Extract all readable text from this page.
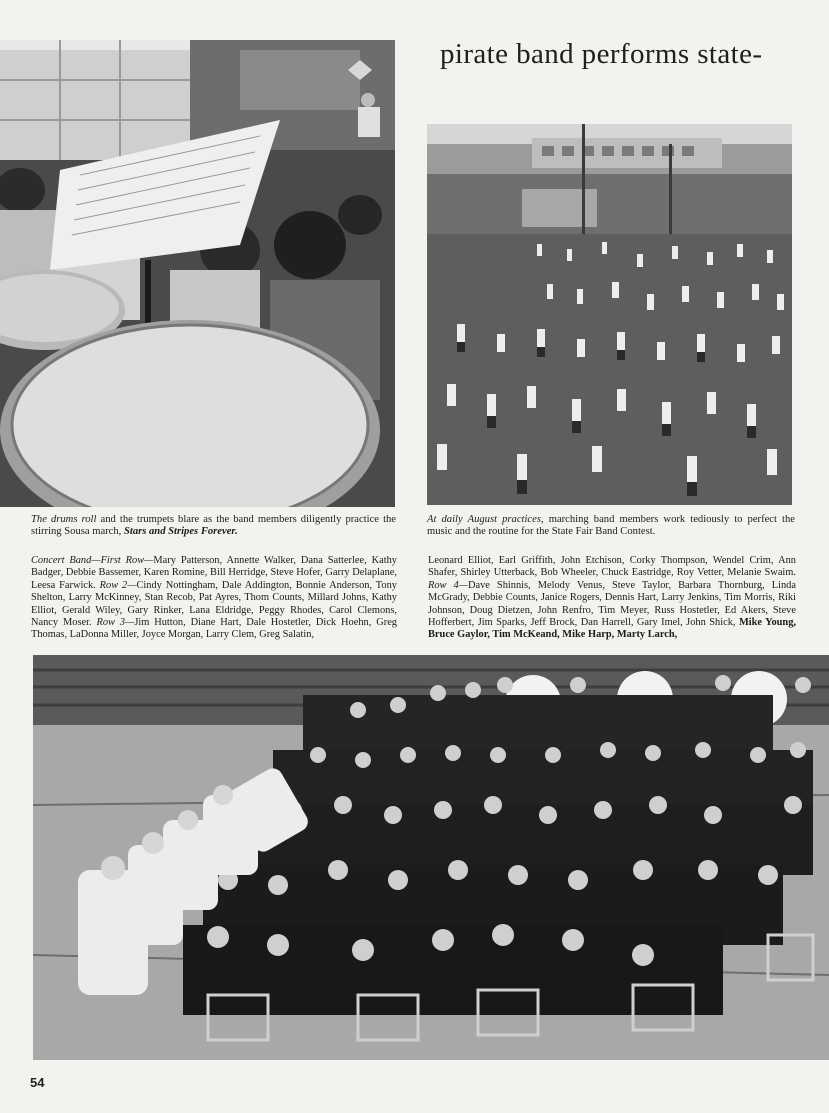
pirate band performs state-
The drums roll and the trumpets blare as the band members diligently practice the stirring Sousa march, Stars and Stripes Forever.
At daily August practices, marching band members work tediously to perfect the music and the routine for the State Fair Band Contest.
Concert Band—First Row—Mary Patterson, Annette Walker, Dana Satterlee, Kathy Badger, Debbie Bassemer, Karen Romine, Bill Herridge, Steve Hofer, Garry Delaplane, Leesa Farwick. Row 2—Cindy Nottingham, Dale Addington, Bonnie Anderson, Tony Shelton, Larry McKinney, Stan Recob, Pat Ayres, Thom Counts, Millard Johns, Kathy Elliot, Gerald Wiley, Gary Rinker, Lana Eldridge, Peggy Rhodes, Carol Clemons, Nancy Moser. Row 3—Jim Hutton, Diane Hart, Dale Hostetler, Dick Hoehn, Greg Thomas, LaDonna Miller, Joyce Morgan, Larry Clem, Greg Salatin,
Leonard Elliot, Earl Griffith, John Etchison, Corky Thompson, Wendel Crim, Ann Shafer, Shirley Utterback, Bob Wheeler, Chuck Eastridge, Roy Vetter, Melanie Swaim. Row 4—Dave Shinnis, Melody Venus, Steve Taylor, Barbara Thornburg, Linda McGrady, Debbie Counts, Janice Rogers, Dennis Hart, Larry Jenkins, Tim Morris, Riki Johnson, Doug Dietzen, John Renfro, Tim Meyer, Russ Hostetler, Ed Akers, Steve Hofferbert, Jim Sparks, Jeff Brock, Dan Harrell, Gary Imel, John Shick, Mike Young, Bruce Gaylor, Tim McKeand, Mike Harp, Marty Larch,
54
